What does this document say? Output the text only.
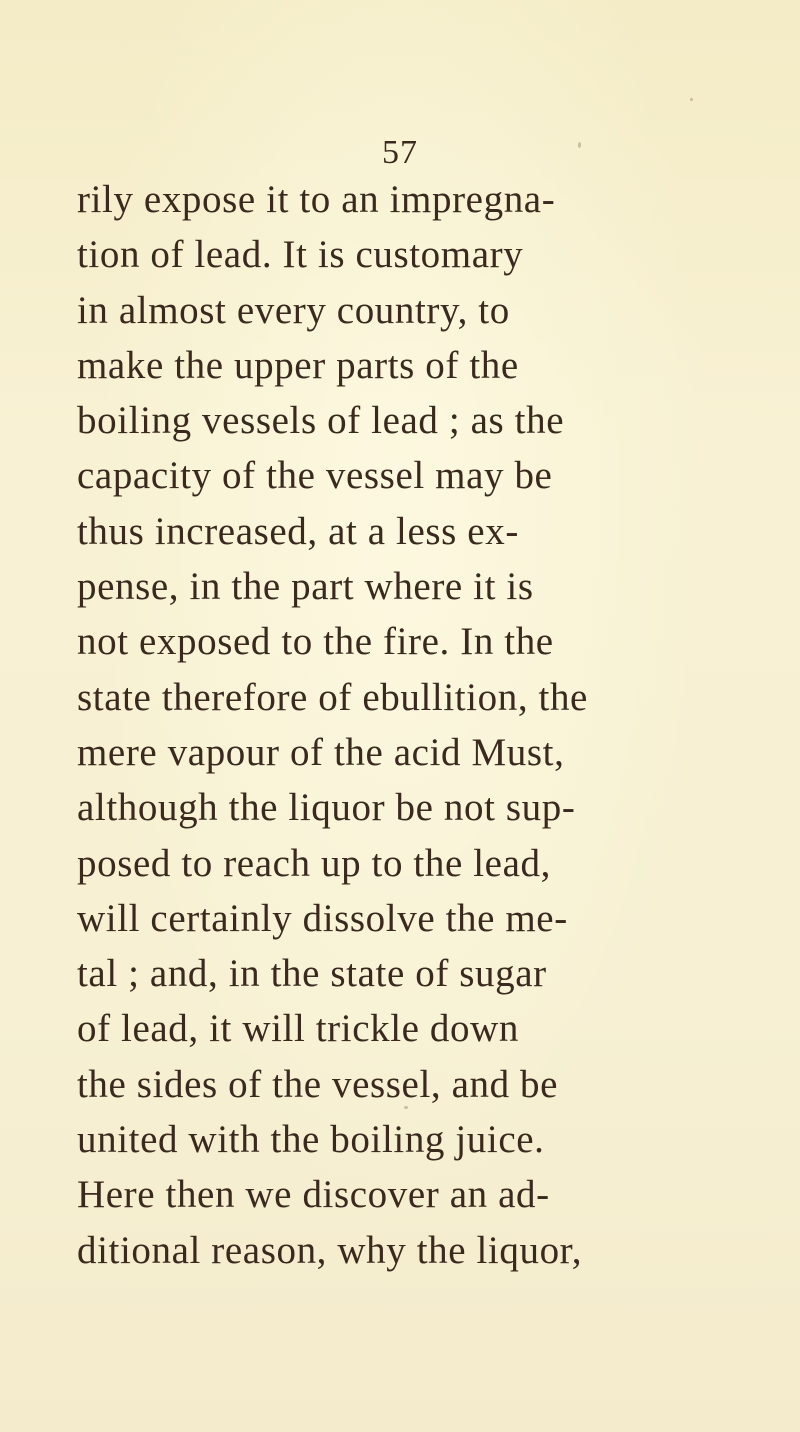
57
rily expose it to an impregna-
tion of lead. It is customary
in almost every country, to
make the upper parts of the
boiling vessels of lead ; as the
capacity of the vessel may be
thus increased, at a less ex-
pense, in the part where it is
not exposed to the fire. In the
state therefore of ebullition, the
mere vapour of the acid Must,
although the liquor be not sup-
posed to reach up to the lead,
will certainly dissolve the me-
tal ; and, in the state of sugar
of lead, it will trickle down
the sides of the vessel, and be
united with the boiling juice.
Here then we discover an ad-
ditional reason, why the liquor,
